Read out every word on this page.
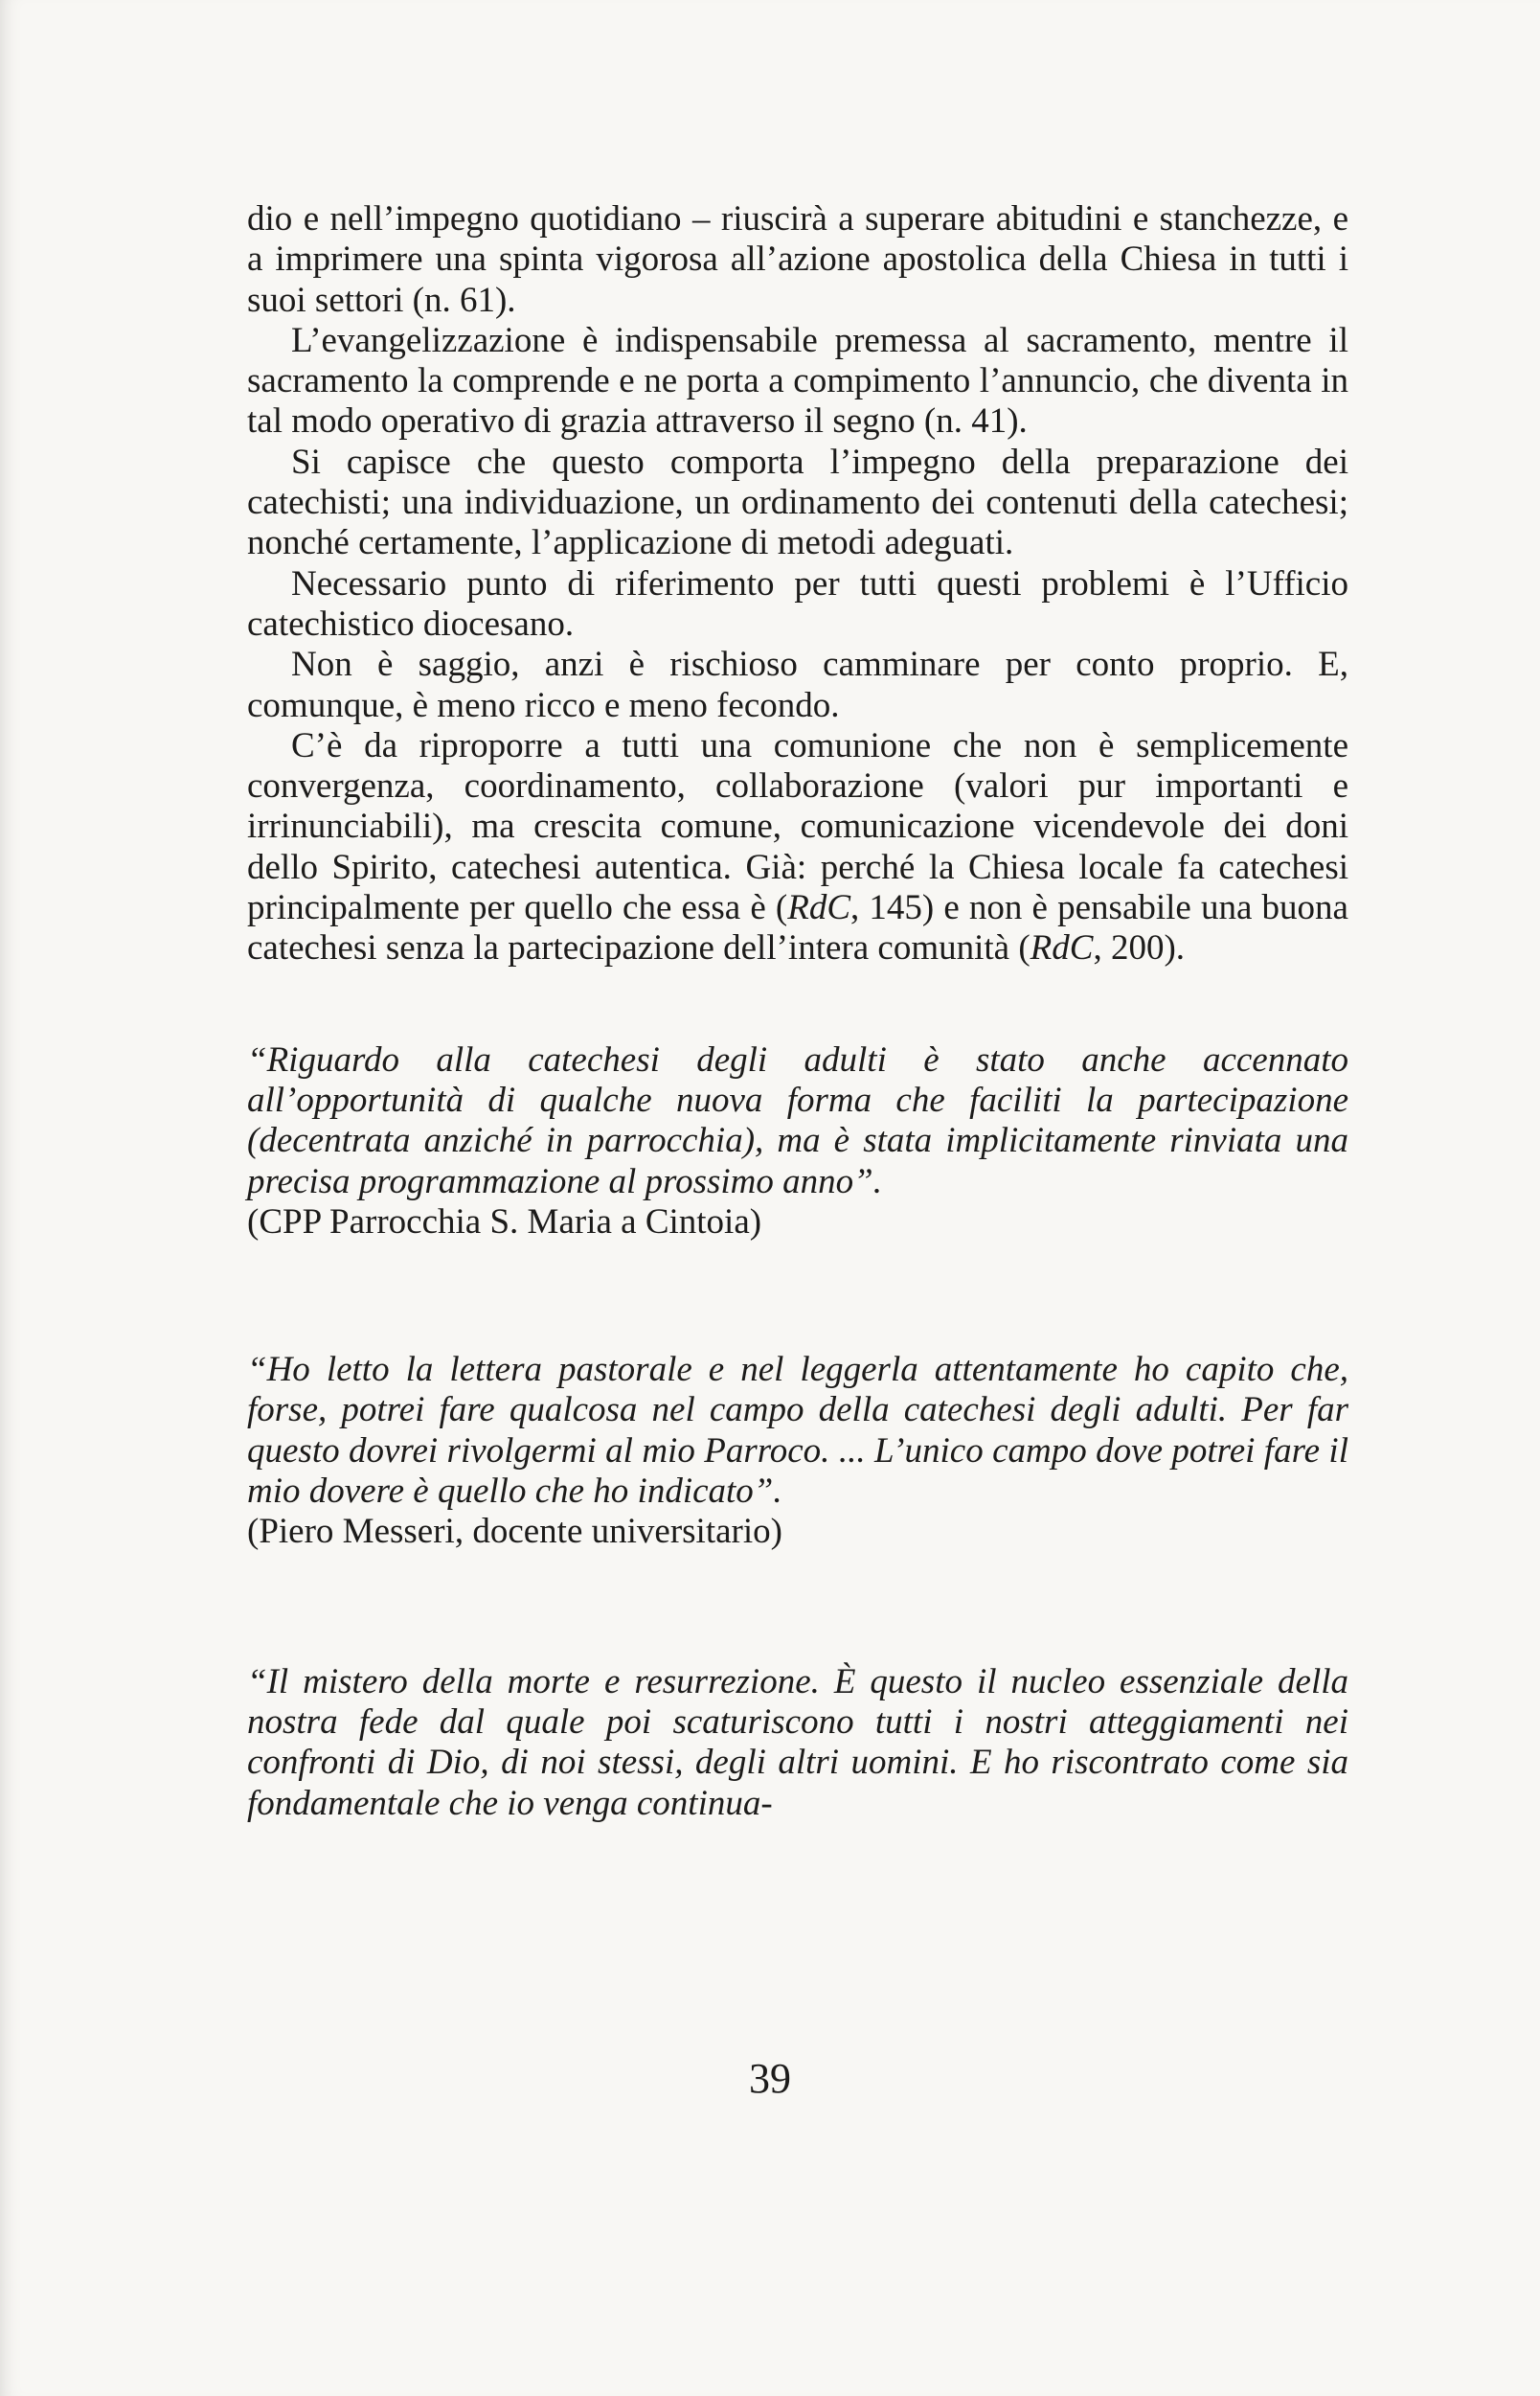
dio e nell’impegno quotidiano – riuscirà a superare abitudini e stanchezze, e a imprimere una spinta vigorosa all’azione apostolica della Chiesa in tutti i suoi settori (n. 61).

L’evangelizzazione è indispensabile premessa al sacramento, mentre il sacramento la comprende e ne porta a compimento l’annuncio, che diventa in tal modo operativo di grazia attraverso il segno (n. 41).

Si capisce che questo comporta l’impegno della preparazione dei catechisti; una individuazione, un ordinamento dei contenuti della catechesi; nonché certamente, l’applicazione di metodi adeguati.

Necessario punto di riferimento per tutti questi problemi è l’Ufficio catechistico diocesano.

Non è saggio, anzi è rischioso camminare per conto proprio. E, comunque, è meno ricco e meno fecondo.

C’è da riproporre a tutti una comunione che non è semplicemente convergenza, coordinamento, collaborazione (valori pur importanti e irrinunciabili), ma crescita comune, comunicazione vicendevole dei doni dello Spirito, catechesi autentica. Già: perché la Chiesa locale fa catechesi principalmente per quello che essa è (RdC, 145) e non è pensabile una buona catechesi senza la partecipazione dell’intera comunità (RdC, 200).

“Riguardo alla catechesi degli adulti è stato anche accennato all’opportunità di qualche nuova forma che faciliti la partecipazione (decentrata anziché in parrocchia), ma è stata implicitamente rinviata una precisa programmazione al prossimo anno”.
(CPP Parrocchia S. Maria a Cintoia)

“Ho letto la lettera pastorale e nel leggerla attentamente ho capito che, forse, potrei fare qualcosa nel campo della catechesi degli adulti. Per far questo dovrei rivolgermi al mio Parroco. ... L’unico campo dove potrei fare il mio dovere è quello che ho indicato”.
(Piero Messeri, docente universitario)

“Il mistero della morte e resurrezione. È questo il nucleo essenziale della nostra fede dal quale poi scaturiscono tutti i nostri atteggiamenti nei confronti di Dio, di noi stessi, degli altri uomini. E ho riscontrato come sia fondamentale che io venga continua-

39
